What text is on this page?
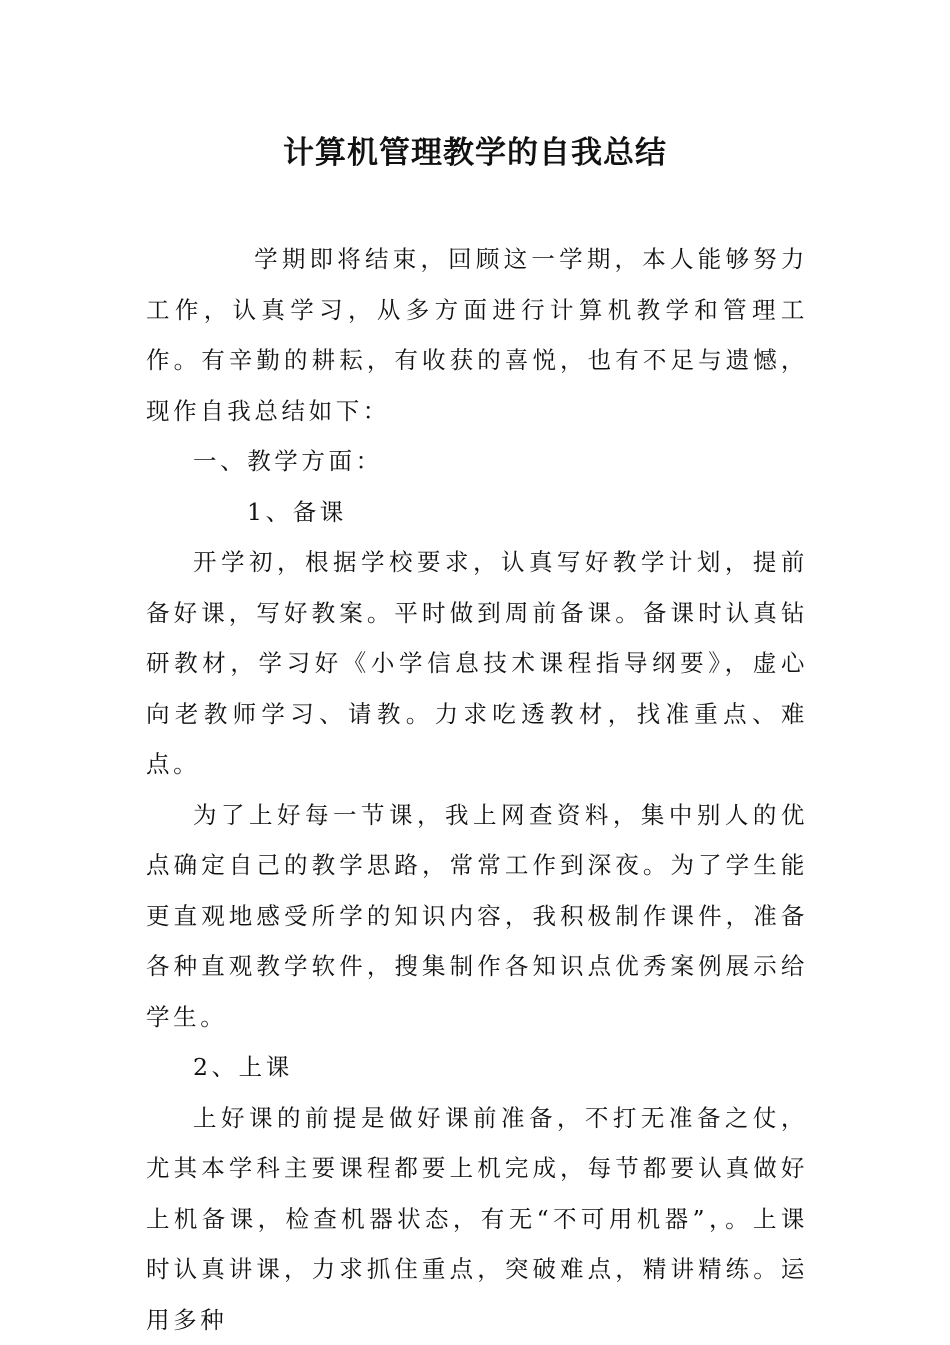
计算机管理教学的自我总结

学期即将结束，回顾这一学期，本人能够努力工作，认真学习，从多方面进行计算机教学和管理工作。有辛勤的耕耘，有收获的喜悦，也有不足与遗憾，现作自我总结如下：

一、教学方面：

1、备课

开学初，根据学校要求，认真写好教学计划，提前备好课，写好教案。平时做到周前备课。备课时认真钻研教材，学习好《小学信息技术课程指导纲要》，虚心向老教师学习、请教。力求吃透教材，找准重点、难点。

为了上好每一节课，我上网查资料，集中别人的优点确定自己的教学思路，常常工作到深夜。为了学生能更直观地感受所学的知识内容，我积极制作课件，准备各种直观教学软件，搜集制作各知识点优秀案例展示给学生。

2、上课

上好课的前提是做好课前准备，不打无准备之仗，尤其本学科主要课程都要上机完成，每节都要认真做好上机备课，检查机器状态，有无“不可用机器”，。上课时认真讲课，力求抓住重点，突破难点，精讲精练。运用多种
